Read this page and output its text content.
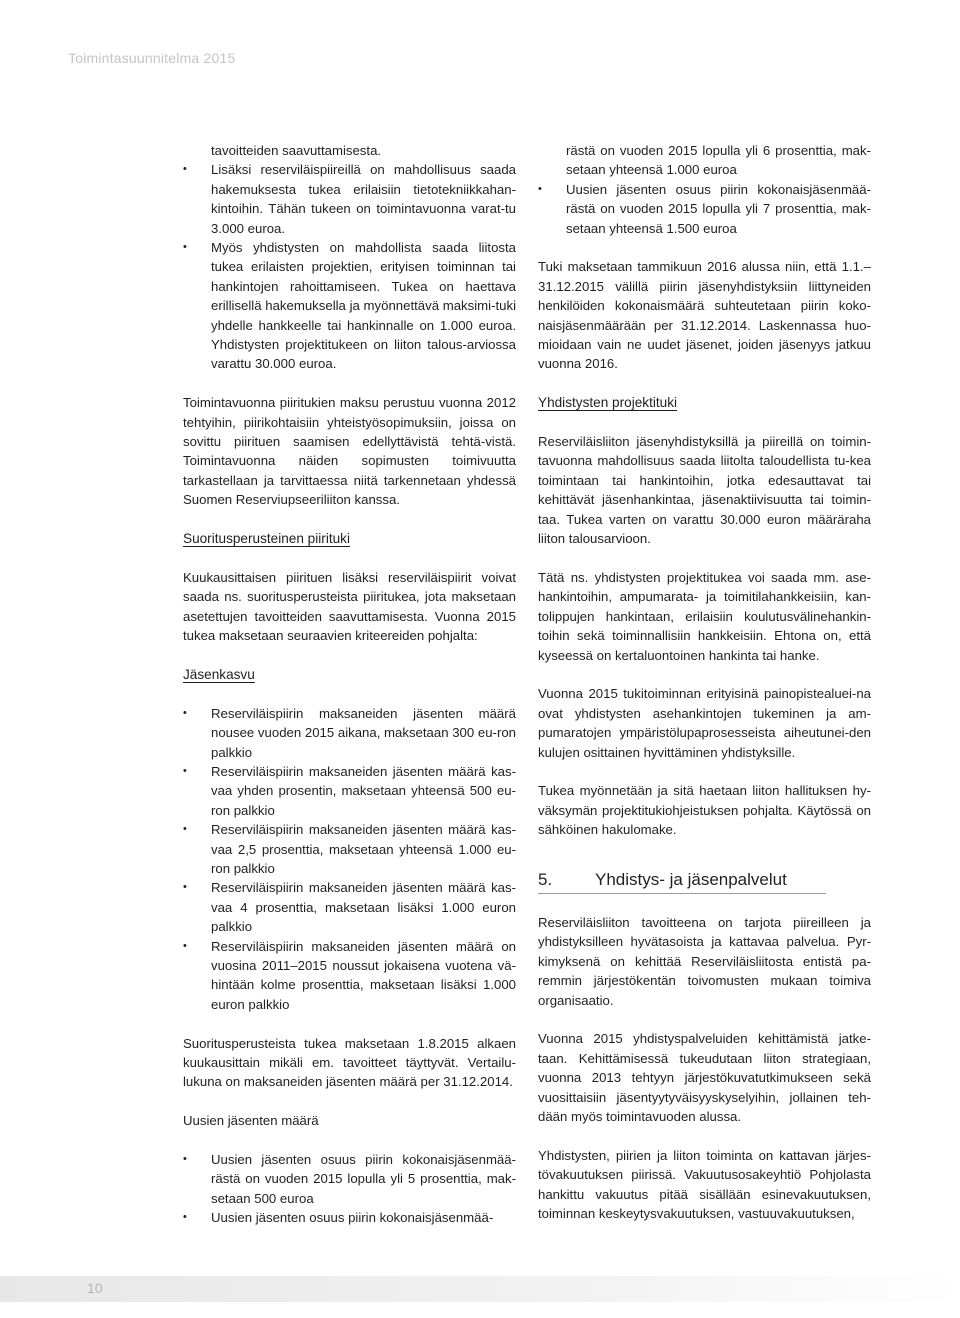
Toimintasuunnitelma 2015

tavoitteiden saavuttamisesta.

• Lisäksi reserviläispiireillä on mahdollisuus saada hakemuksesta tukea erilaisiin tietotekniikkahan-kintoihin. Tähän tukeen on toimintavuonna varat-tu 3.000 euroa.
• Myös yhdistysten on mahdollista saada liitosta tukea erilaisten projektien, erityisen toiminnan tai hankintojen rahoittamiseen. Tukea on haettava erillisellä hakemuksella ja myönnettävä maksimi-tuki yhdelle hankkeelle tai hankinnalle on 1.000 euroa. Yhdistysten projektitukeen on liiton talous-arviossa varattu 30.000 euroa.

Toimintavuonna piiritukien maksu perustuu vuonna 2012 tehtyihin, piirikohtaisiin yhteistyösopimuksiin, joissa on sovittu piirituen saamisen edellyttävistä tehtä-vistä. Toimintavuonna näiden sopimusten toimivuutta tarkastellaan ja tarvittaessa niitä tarkennetaan yhdessä Suomen Reserviupseeriliiton kanssa.

Suoritusperusteinen piirituki

Kuukausittaisen piirituen lisäksi reserviläispiirit voivat saada ns. suoritusperusteista piiritukea, jota maksetaan asetettujen tavoitteiden saavuttamisesta. Vuonna 2015 tukea maksetaan seuraavien kriteereiden pohjalta:

Jäsenkasvu
• Reserviläispiirin maksaneiden jäsenten määrä nousee vuoden 2015 aikana, maksetaan 300 eu-ron palkkio
• Reserviläispiirin maksaneiden jäsenten määrä kas-vaa yhden prosentin, maksetaan yhteensä 500 eu-ron palkkio
• Reserviläispiirin maksaneiden jäsenten määrä kas-vaa 2,5 prosenttia, maksetaan yhteensä 1.000 eu-ron palkkio
• Reserviläispiirin maksaneiden jäsenten määrä kas-vaa 4 prosenttia, maksetaan lisäksi 1.000 euron palkkio
• Reserviläispiirin maksaneiden jäsenten määrä on vuosina 2011–2015 noussut jokaisena vuotena vä-hintään kolme prosenttia, maksetaan lisäksi 1.000 euron palkkio

Suoritusperusteista tukea maksetaan 1.8.2015 alkaen kuukausittain mikäli em. tavoitteet täyttyvät. Vertailu-lukuna on maksaneiden jäsenten määrä per 31.12.2014.

Uusien jäsenten määrä

• Uusien jäsenten osuus piirin kokonaisjäsenmää-rästä on vuoden 2015 lopulla yli 5 prosenttia, mak-setaan 500 euroa
• Uusien jäsenten osuus piirin kokonaisjäsenmää-

rästä on vuoden 2015 lopulla yli 6 prosenttia, mak-setaan yhteensä 1.000 euroa

• Uusien jäsenten osuus piirin kokonaisjäsenmää-rästä on vuoden 2015 lopulla yli 7 prosenttia, mak-setaan yhteensä 1.500 euroa

Tuki maksetaan tammikuun 2016 alussa niin, että 1.1.–31.12.2015 välillä piirin jäsenyhdistyksiin liittyneiden henkilöiden kokonaismäärä suhteutetaan piirin koko-naisjäsenmäärään per 31.12.2014. Laskennassa huo-mioidaan vain ne uudet jäsenet, joiden jäsenyys jatkuu vuonna 2016.

Yhdistysten projektituki

Reserviläisliiton jäsenyhdistyksillä ja piireillä on toimin-tavuonna mahdollisuus saada liitolta taloudellista tu-kea toimintaan tai hankintoihin, jotka edesauttavat tai kehittävät jäsenhankintaa, jäsenaktiivisuutta tai toimin-taa. Tukea varten on varattu 30.000 euron määräraha liiton talousarvioon.

Tätä ns. yhdistysten projektitukea voi saada mm. ase-hankintoihin, ampumarata- ja toimitilahankkeisiin, kan-tolippujen hankintaan, erilaisiin koulutusvälinehankin-toihin sekä toiminnallisiin hankkeisiin. Ehtona on, että kyseessä on kertaluontoinen hankinta tai hanke.

Vuonna 2015 tukitoiminnan erityisinä painopistealuei-na ovat yhdistysten asehankintojen tukeminen ja am-pumaratojen ympäristölupaprosesseista aiheutunei-den kulujen osittainen hyvittäminen yhdistyksille.

Tukea myönnetään ja sitä haetaan liiton hallituksen hy-väksymän projektitukiohjeistuksen pohjalta. Käytössä on sähköinen hakulomake.

5.	Yhdistys- ja jäsenpalvelut

Reserviläisliiton tavoitteena on tarjota piireilleen ja yhdistyksilleen hyvätasoista ja kattavaa palvelua. Pyr-kimyksenä on kehittää Reserviläisliitosta entistä pa-remmin järjestökentän toivomusten mukaan toimiva organisaatio.

Vuonna 2015 yhdistyspalveluiden kehittämistä jatke-taan. Kehittämisessä tukeudutaan liiton strategiaan, vuonna 2013 tehtyyn järjestökuvatutkimukseen sekä vuosittaisiin jäsentyytyväisyyskyselyihin, jollainen teh-dään myös toimintavuoden alussa.

Yhdistysten, piirien ja liiton toiminta on kattavan järjes-tövakuutuksen piirissä. Vakuutusosakeyhtiö Pohjolasta hankittu vakuutus pitää sisällään esinevakuutuksen, toiminnan keskeytysvakuutuksen, vastuuvakuutuksen,

10
